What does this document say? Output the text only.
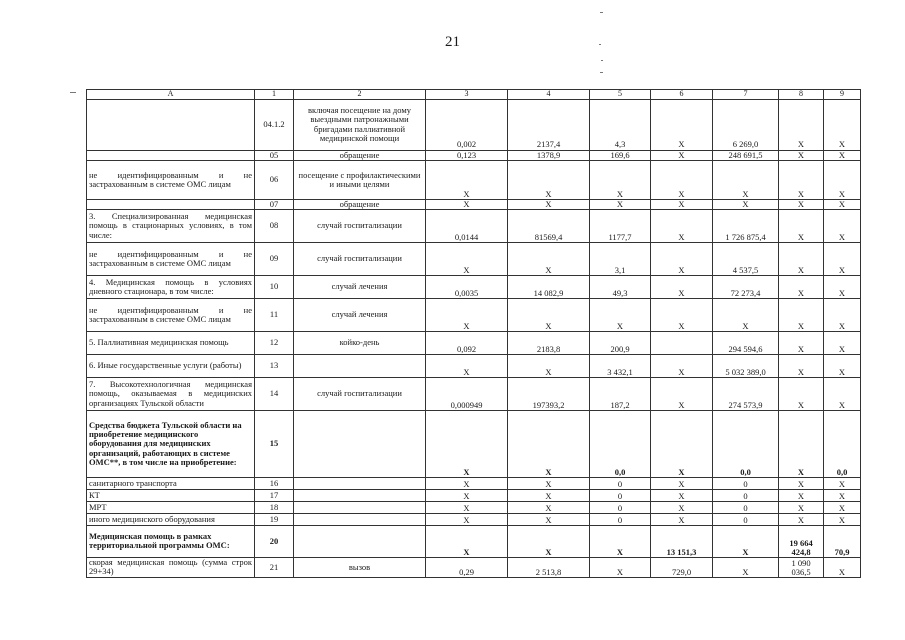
21
А	1	2	3	4	5	6	7	8	9
	04.1.2	включая посещение на дому выездными патронажными бригадами паллиативной медицинской помощи	0,002	2137,4	4,3	Х	6 269,0	Х	Х
	05	обращение	0,123	1378,9	169,6	Х	248 691,5	Х	Х
не идентифицированным и не застрахованным в системе ОМС лицам	06	посещение с профилактическими и иными целями	Х	Х	Х	Х	Х	Х	Х
	07	обращение	Х	Х	Х	Х	Х	Х	Х
3. Специализированная медицинская помощь в стационарных условиях, в том числе:	08	случай госпитализации	0,0144	81569,4	1177,7	Х	1 726 875,4	Х	Х
не идентифицированным и не застрахованным в системе ОМС лицам	09	случай госпитализации	Х	Х	3,1	Х	4 537,5	Х	Х
4. Медицинская помощь в условиях дневного стационара, в том числе:	10	случай лечения	0,0035	14 082,9	49,3	Х	72 273,4	Х	Х
не идентифицированным и не застрахованным в системе ОМС лицам	11	случай лечения	Х	Х	Х	Х	Х	Х	Х
5. Паллиативная медицинская помощь	12	койко-день	0,092	2183,8	200,9		294 594,6	Х	Х
6. Иные государственные услуги (работы)	13		Х	Х	3 432,1	Х	5 032 389,0	Х	Х
7. Высокотехнологичная медицинская помощь, оказываемая в медицинских организациях Тульской области	14	случай госпитализации	0,000949	197393,2	187,2	Х	274 573,9	Х	Х
Средства бюджета Тульской области на приобретение медицинского оборудования для медицинских организаций, работающих в системе ОМС**, в том числе на приобретение:	15		Х	Х	0,0	Х	0,0	Х	0,0
санитарного транспорта	16		Х	Х	0	Х	0	Х	Х
КТ	17		Х	Х	0	Х	0	Х	Х
МРТ	18		Х	Х	0	Х	0	Х	Х
иного медицинского оборудования	19		Х	Х	0	Х	0	Х	Х
Медицинская помощь в рамках территориальной программы ОМС:	20		Х	Х	Х	13 151,3	Х	19 664 424,8	70,9
скорая медицинская помощь (сумма строк 29+34)	21	вызов	0,29	2 513,8	Х	729,0	Х	1 090 036,5	Х
